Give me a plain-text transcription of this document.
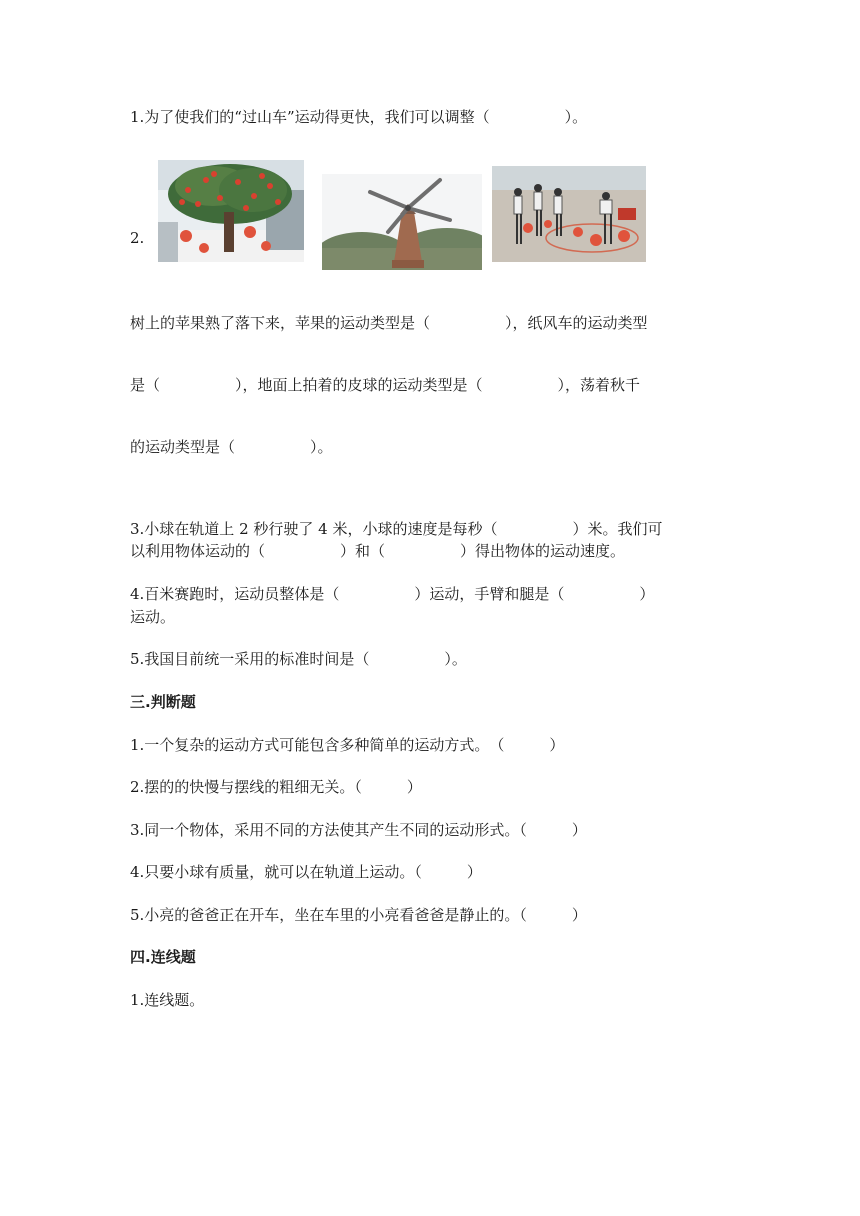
1.为了使我们的“过山车”运动得更快，我们可以调整（　　　　　）。
2.
树上的苹果熟了落下来，苹果的运动类型是（　　　　　），纸风车的运动类型
是（　　　　　），地面上拍着的皮球的运动类型是（　　　　　），荡着秋千
的运动类型是（　　　　　）。
3.小球在轨道上 2 秒行驶了 4 米，小球的速度是每秒（　　　　　）米。我们可
以利用物体运动的（　　　　　）和（　　　　　）得出物体的运动速度。
4.百米赛跑时，运动员整体是（　　　　　）运动，手臂和腿是（　　　　　）
运动。
5.我国目前统一采用的标准时间是（　　　　　）。
三.判断题
1.一个复杂的运动方式可能包含多种简单的运动方式。　（　　　）
2.摆的的快慢与摆线的粗细无关。（　　　）
3.同一个物体，采用不同的方法使其产生不同的运动形式。（　　　）
4.只要小球有质量，就可以在轨道上运动。（　　　）
5.小亮的爸爸正在开车，坐在车里的小亮看爸爸是静止的。（　　　）
四.连线题
1.连线题。
